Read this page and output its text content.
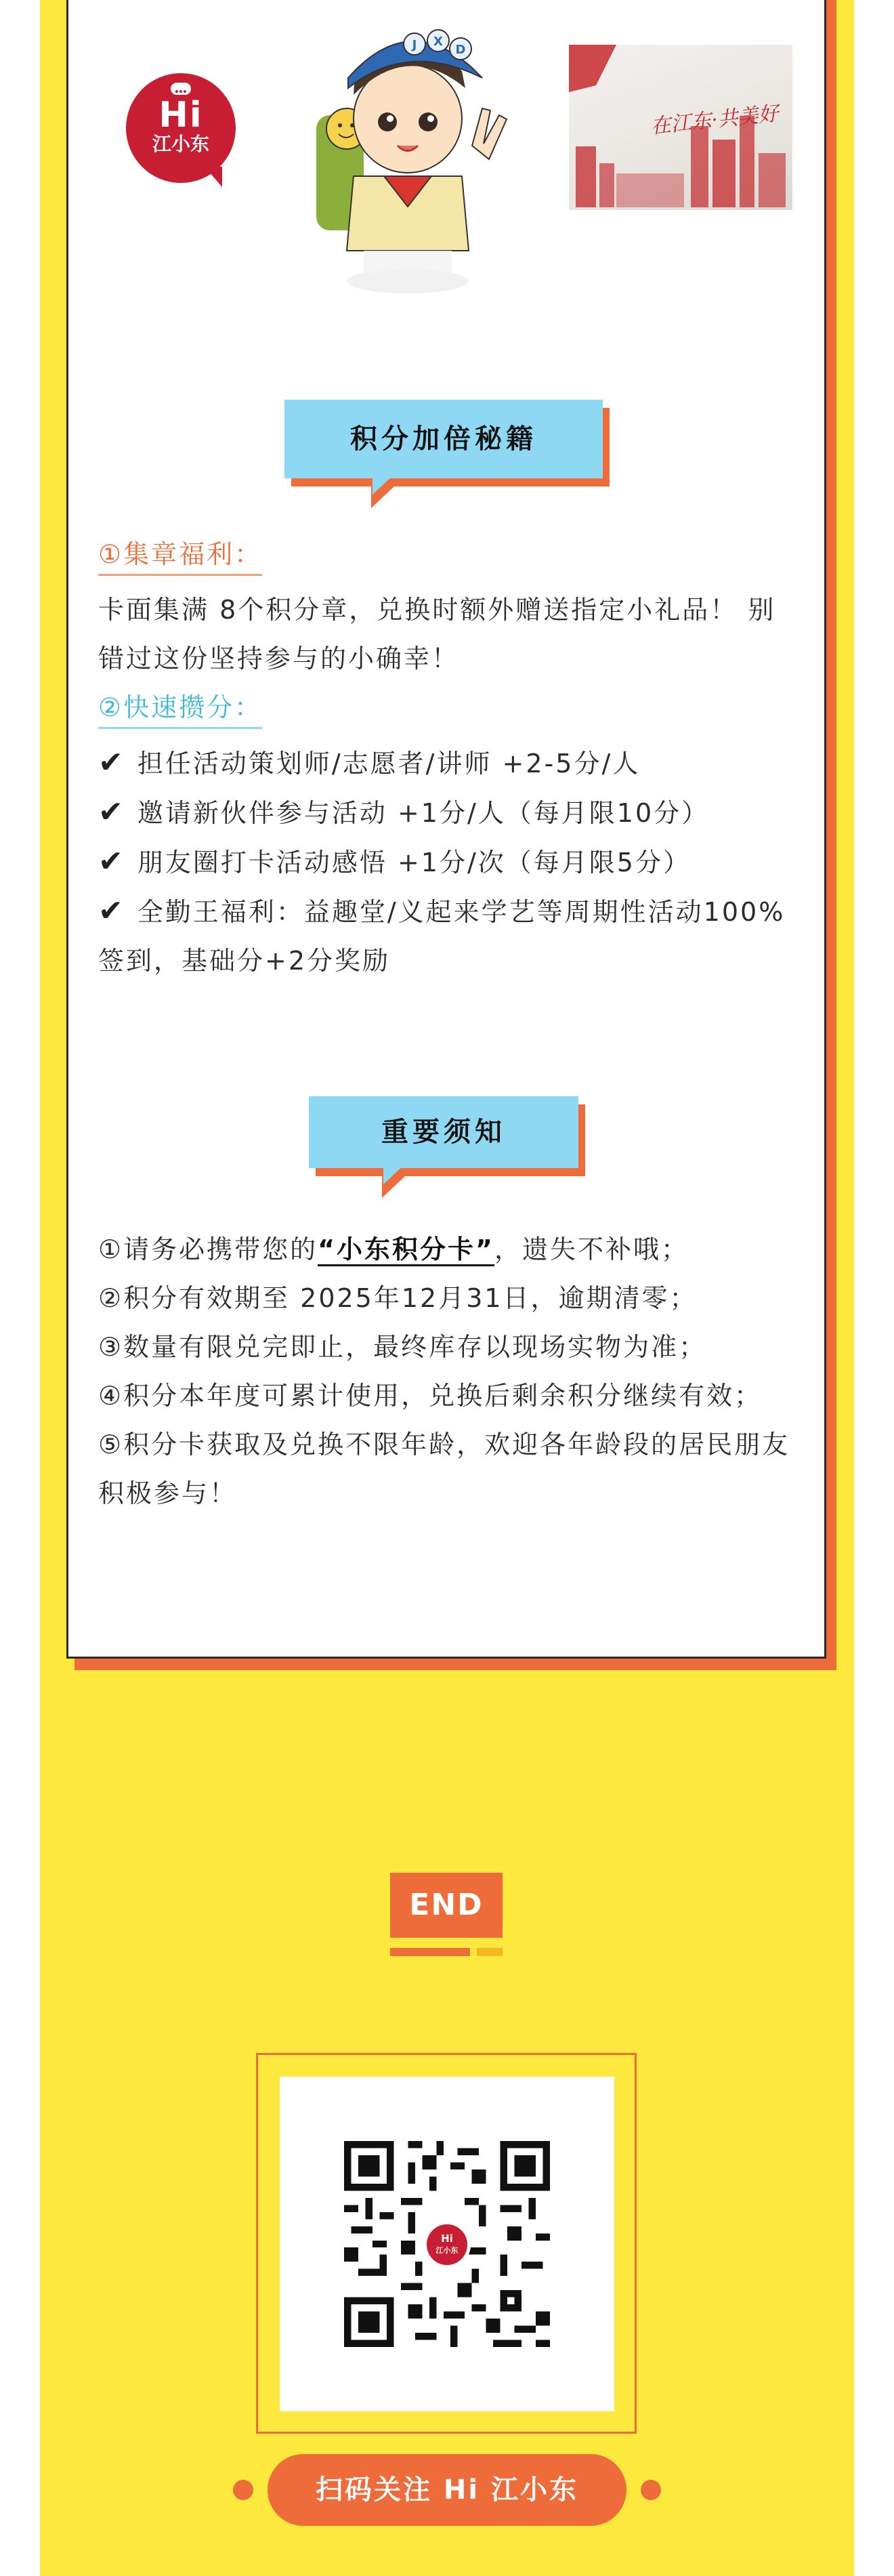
Hi
江小东
J X
D
在江东·共美好
积分加倍秘籍
①集章福利：

卡面集满 8个积分章，兑换时额外赠送指定小礼品！ 别错过这份坚持参与的小确幸！

②快速攒分：

✔ 担任活动策划师/志愿者/讲师 +2-5分/人

✔ 邀请新伙伴参与活动 +1分/人（每月限10分）

✔ 朋友圈打卡活动感悟 +1分/次（每月限5分）

✔ 全勤王福利：益趣堂/义起来学艺等周期性活动100%签到，基础分+2分奖励

重要须知

①请务必携带您的“小东积分卡”，遗失不补哦；

②积分有效期至 2025年12月31日，逾期清零；

③数量有限兑完即止，最终库存以现场实物为准；

④积分本年度可累计使用，兑换后剩余积分继续有效；

⑤积分卡获取及兑换不限年龄，欢迎各年龄段的居民朋友积极参与！

END
Hi
江小东
扫码关注 Hi 江小东
